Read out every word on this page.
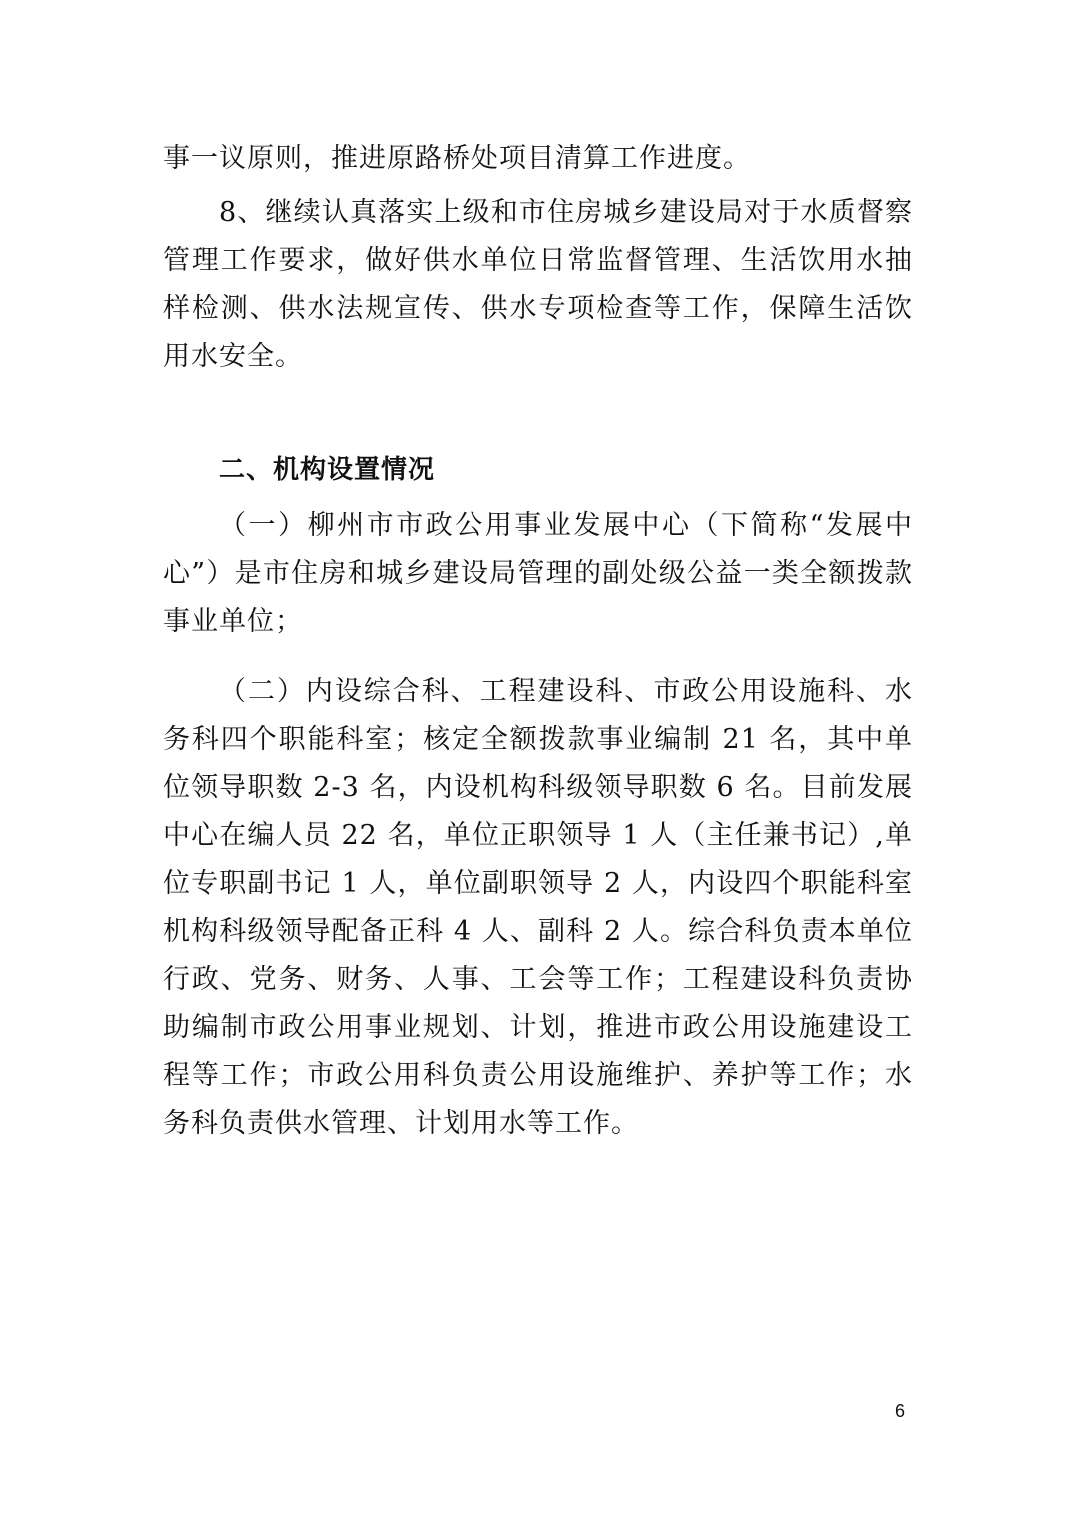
事一议原则，推进原路桥处项目清算工作进度。

8、继续认真落实上级和市住房城乡建设局对于水质督察管理工作要求，做好供水单位日常监督管理、生活饮用水抽样检测、供水法规宣传、供水专项检查等工作，保障生活饮用水安全。

二、机构设置情况

（一）柳州市市政公用事业发展中心（下简称“发展中心”）是市住房和城乡建设局管理的副处级公益一类全额拨款事业单位；

（二）内设综合科、工程建设科、市政公用设施科、水务科四个职能科室；核定全额拨款事业编制 21 名，其中单位领导职数 2-3 名，内设机构科级领导职数 6 名。目前发展中心在编人员 22 名，单位正职领导 1 人（主任兼书记）,单位专职副书记 1 人，单位副职领导 2 人，内设四个职能科室机构科级领导配备正科 4 人、副科 2 人。综合科负责本单位行政、党务、财务、人事、工会等工作；工程建设科负责协助编制市政公用事业规划、计划，推进市政公用设施建设工程等工作；市政公用科负责公用设施维护、养护等工作；水务科负责供水管理、计划用水等工作。

6
